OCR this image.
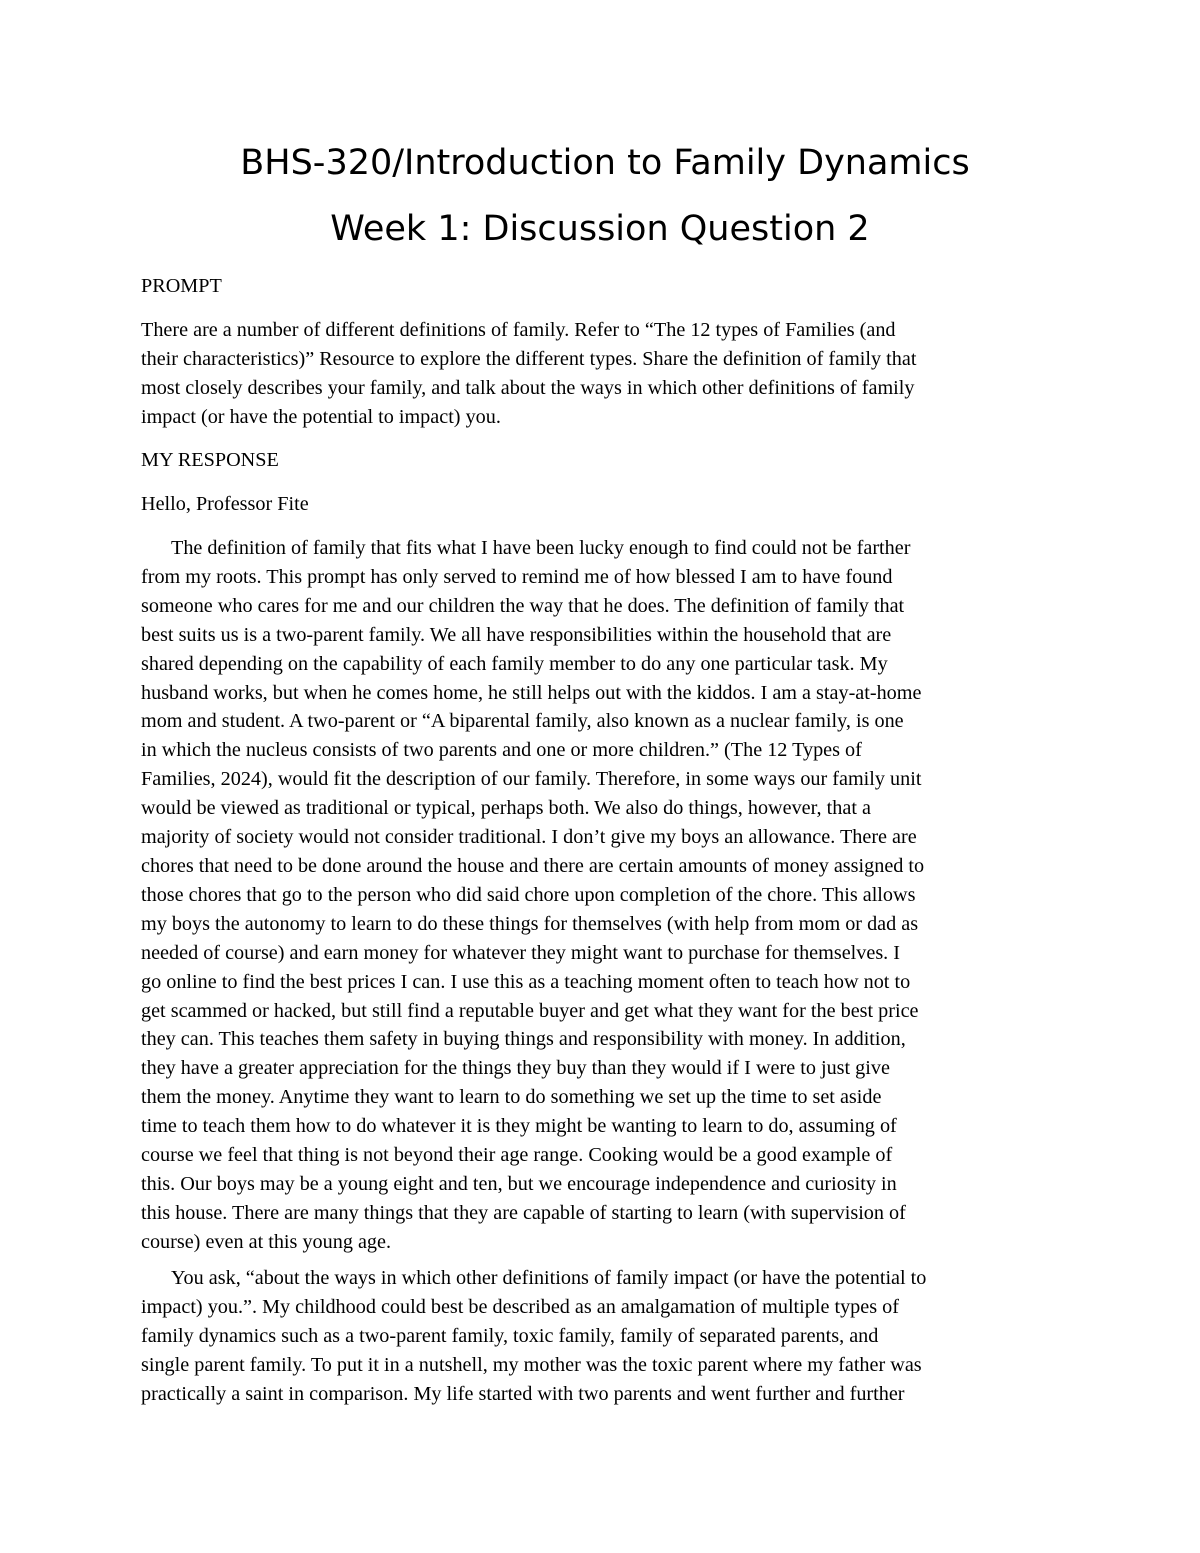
BHS-320/Introduction to Family Dynamics
Week 1: Discussion Question 2
PROMPT
There are a number of different definitions of family. Refer to “The 12 types of Families (and
their characteristics)” Resource to explore the different types. Share the definition of family that
most closely describes your family, and talk about the ways in which other definitions of family
impact (or have the potential to impact) you.
MY RESPONSE
Hello, Professor Fite
The definition of family that fits what I have been lucky enough to find could not be farther
from my roots. This prompt has only served to remind me of how blessed I am to have found
someone who cares for me and our children the way that he does. The definition of family that
best suits us is a two-parent family. We all have responsibilities within the household that are
shared depending on the capability of each family member to do any one particular task. My
husband works, but when he comes home, he still helps out with the kiddos. I am a stay-at-home
mom and student. A two-parent or “A biparental family, also known as a nuclear family, is one
in which the nucleus consists of two parents and one or more children.” (The 12 Types of
Families, 2024), would fit the description of our family. Therefore, in some ways our family unit
would be viewed as traditional or typical, perhaps both. We also do things, however, that a
majority of society would not consider traditional. I don’t give my boys an allowance. There are
chores that need to be done around the house and there are certain amounts of money assigned to
those chores that go to the person who did said chore upon completion of the chore. This allows
my boys the autonomy to learn to do these things for themselves (with help from mom or dad as
needed of course) and earn money for whatever they might want to purchase for themselves. I
go online to find the best prices I can. I use this as a teaching moment often to teach how not to
get scammed or hacked, but still find a reputable buyer and get what they want for the best price
they can. This teaches them safety in buying things and responsibility with money. In addition,
they have a greater appreciation for the things they buy than they would if I were to just give
them the money. Anytime they want to learn to do something we set up the time to set aside
time to teach them how to do whatever it is they might be wanting to learn to do, assuming of
course we feel that thing is not beyond their age range. Cooking would be a good example of
this. Our boys may be a young eight and ten, but we encourage independence and curiosity in
this house. There are many things that they are capable of starting to learn (with supervision of
course) even at this young age.
You ask, “about the ways in which other definitions of family impact (or have the potential to
impact) you.”. My childhood could best be described as an amalgamation of multiple types of
family dynamics such as a two-parent family, toxic family, family of separated parents, and
single parent family. To put it in a nutshell, my mother was the toxic parent where my father was
practically a saint in comparison. My life started with two parents and went further and further
